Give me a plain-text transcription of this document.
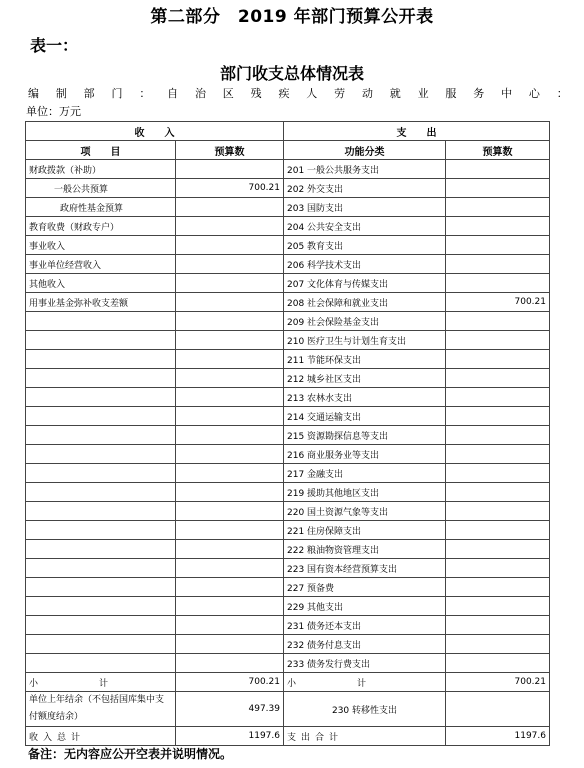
第二部分　2019 年部门预算公开表
表一：
部门收支总体情况表
编 制 部 门 ： 自 治 区 残 疾 人 劳 动 就 业 服 务 中 心 ：
单位：万元
收　　入		支　　出	
项　　目	预算数	功能分类	预算数
财政拨款（补助）		201 一般公共服务支出	
一般公共预算	700.21	202 外交支出	
政府性基金预算		203 国防支出	
教育收费（财政专户）		204 公共安全支出	
事业收入		205 教育支出	
事业单位经营收入		206 科学技术支出	
其他收入		207 文化体育与传媒支出	
用事业基金弥补收支差额		208 社会保障和就业支出	700.21
		209 社会保险基金支出	
		210 医疗卫生与计划生育支出	
		211 节能环保支出	
		212 城乡社区支出	
		213 农林水支出	
		214 交通运输支出	
		215 资源勘探信息等支出	
		216 商业服务业等支出	
		217 金融支出	
		219 援助其他地区支出	
		220 国土资源气象等支出	
		221 住房保障支出	
		222 粮油物资管理支出	
		223 国有资本经营预算支出	
		227 预备费	
		229 其他支出	
		231 债务还本支出	
		232 债务付息支出	
		233 债务发行费支出	
小　　　　计	700.21	小　　　　计	700.21
单位上年结余（不包括国库集中支付额度结余）	497.39	230 转移性支出	
收入总计	1197.6	支出合计	1197.6
备注：无内容应公开空表并说明情况。
